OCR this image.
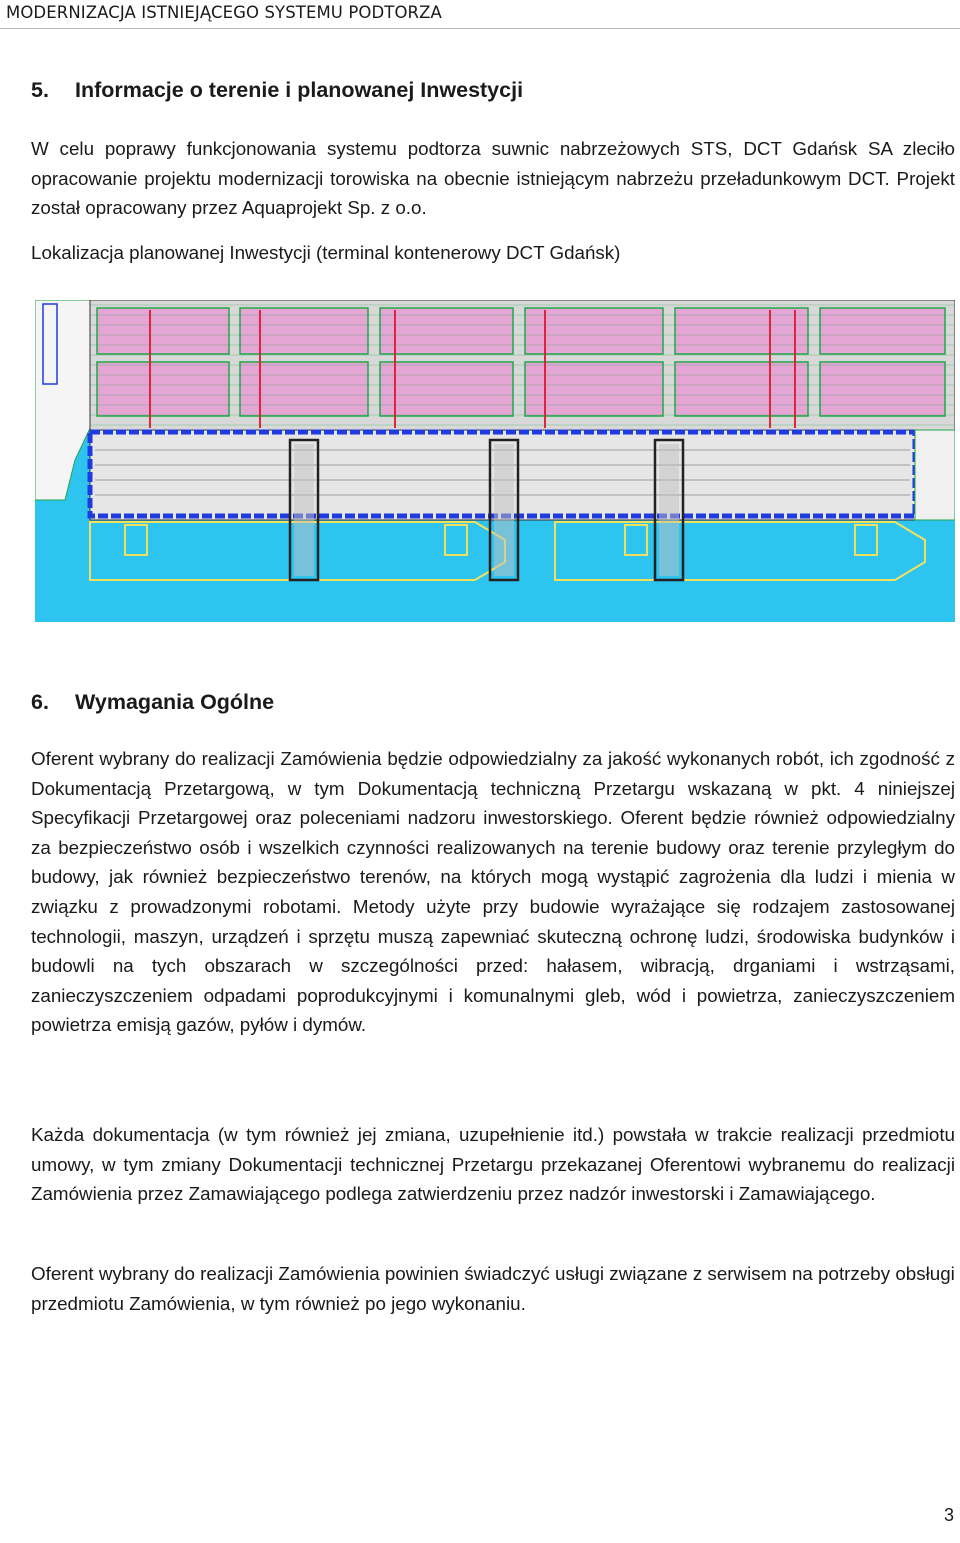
MODERNIZACJA ISTNIEJĄCEGO SYSTEMU PODTORZA
5. Informacje o terenie i planowanej Inwestycji

W celu poprawy funkcjonowania systemu podtorza suwnic nabrzeżowych STS, DCT Gdańsk SA zleciło opracowanie projektu modernizacji torowiska na obecnie istniejącym nabrzeżu przeładunkowym DCT. Projekt został opracowany przez Aquaprojekt Sp. z o.o.

Lokalizacja planowanej Inwestycji (terminal kontenerowy DCT Gdańsk)
6. Wymagania Ogólne

Oferent wybrany do realizacji Zamówienia będzie odpowiedzialny za jakość wykonanych robót, ich zgodność z Dokumentacją Przetargową, w tym Dokumentacją techniczną Przetargu wskazaną w pkt. 4 niniejszej Specyfikacji Przetargowej oraz poleceniami nadzoru inwestorskiego. Oferent będzie również odpowiedzialny za bezpieczeństwo osób i wszelkich czynności realizowanych na terenie budowy oraz terenie przyległym do budowy, jak również bezpieczeństwo terenów, na których mogą wystąpić zagrożenia dla ludzi i mienia w związku z prowadzonymi robotami. Metody użyte przy budowie wyrażające się rodzajem zastosowanej technologii, maszyn, urządzeń i sprzętu muszą zapewniać skuteczną ochronę ludzi, środowiska budynków i budowli na tych obszarach w szczególności przed: hałasem, wibracją, drganiami i wstrząsami, zanieczyszczeniem odpadami poprodukcyjnymi i komunalnymi gleb, wód i powietrza, zanieczyszczeniem powietrza emisją gazów, pyłów i dymów.

Każda dokumentacja (w tym również jej zmiana, uzupełnienie itd.) powstała w trakcie realizacji przedmiotu umowy, w tym zmiany Dokumentacji technicznej Przetargu przekazanej Oferentowi wybranemu do realizacji Zamówienia przez Zamawiającego podlega zatwierdzeniu przez nadzór inwestorski i Zamawiającego.

Oferent wybrany do realizacji Zamówienia powinien świadczyć usługi związane z serwisem na potrzeby obsługi przedmiotu Zamówienia, w tym również po jego wykonaniu.

3
